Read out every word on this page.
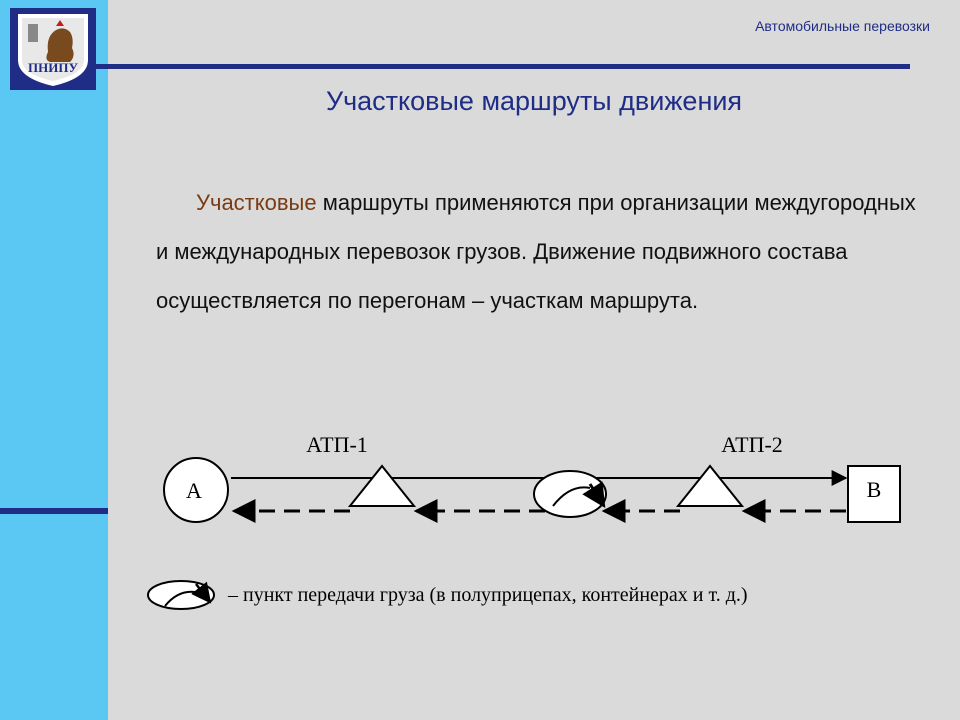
ПНИПУ
Автомобильные перевозки
Участковые маршруты движения

Участковые маршруты применяются при организации междугородных и международных перевозок грузов. Движение подвижного состава осуществляется по перегонам – участкам маршрута.

А	В
АТП-1	АТП-2
– пункт передачи груза (в полуприцепах, контейнерах и т. д.)
